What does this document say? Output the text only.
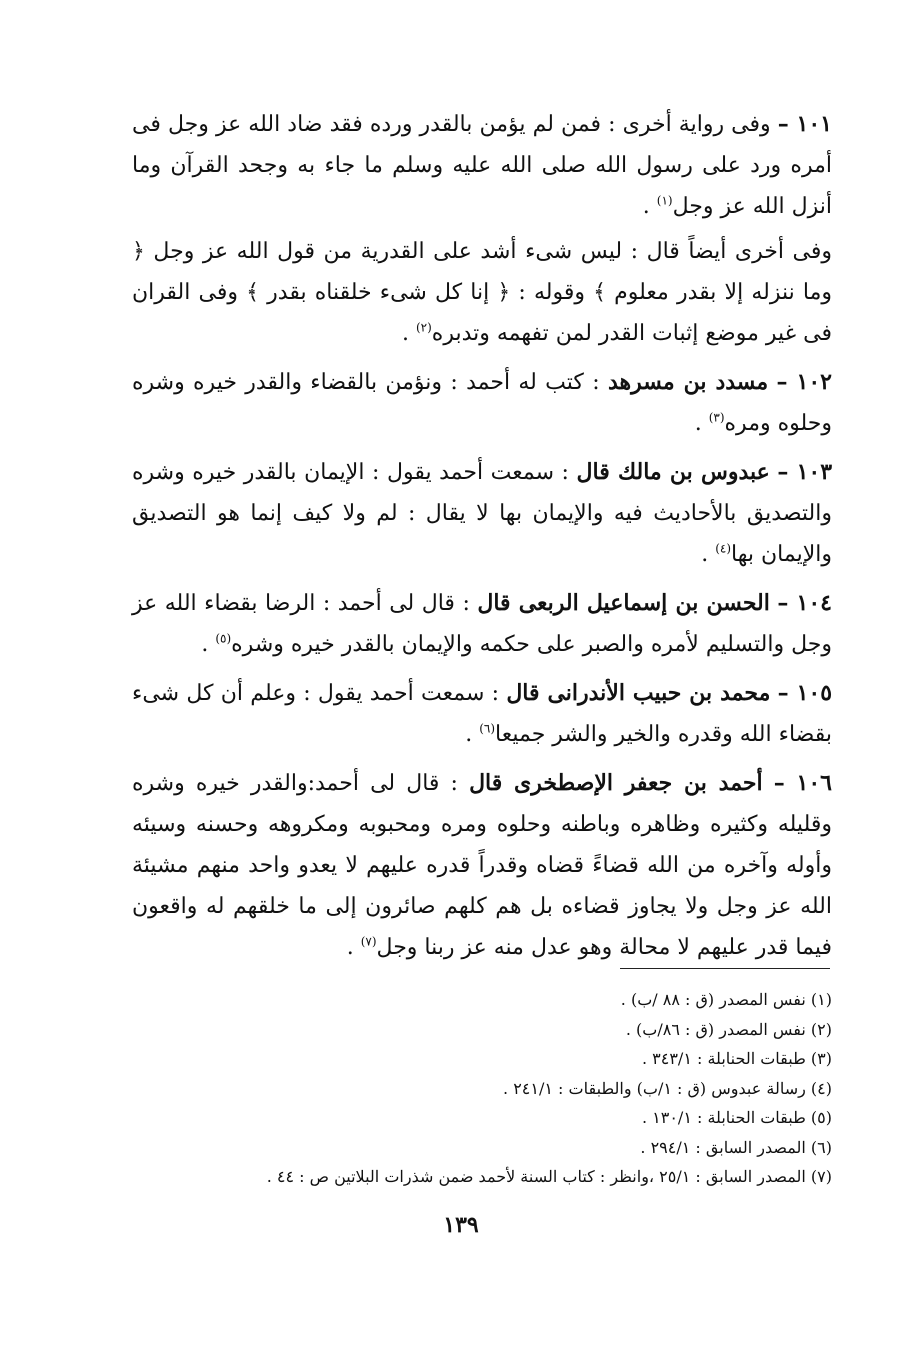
١٠١ – وفى رواية أخرى : فمن لم يؤمن بالقدر ورده فقد ضاد الله عز وجل فى أمره ورد على رسول الله صلى الله عليه وسلم ما جاء به وجحد القرآن وما أنزل الله عز وجل$^{(١)}$ .

وفى أخرى أيضاً قال : ليس شىء أشد على القدرية من قول الله عز وجل ﴿ وما ننزله إلا بقدر معلوم ﴾ وقوله : ﴿ إنا كل شىء خلقناه بقدر ﴾ وفى القران فى غير موضع إثبات القدر لمن تفهمه وتدبره$^{(٢)}$ .

١٠٢ – مسدد بن مسرهد : كتب له أحمد : ونؤمن بالقضاء والقدر خيره وشره وحلوه ومره$^{(٣)}$ .

١٠٣ – عبدوس بن مالك قال : سمعت أحمد يقول : الإيمان بالقدر خيره وشره والتصديق بالأحاديث فيه والإيمان بها لا يقال : لم ولا كيف إنما هو التصديق والإيمان بها$^{(٤)}$ .

١٠٤ – الحسن بن إسماعيل الربعى قال : قال لى أحمد : الرضا بقضاء الله عز وجل والتسليم لأمره والصبر على حكمه والإيمان بالقدر خيره وشره$^{(٥)}$ .

١٠٥ – محمد بن حبيب الأندرانى قال : سمعت أحمد يقول : وعلم أن كل شىء بقضاء الله وقدره والخير والشر جميعا$^{(٦)}$ .

١٠٦ – أحمد بن جعفر الإصطخرى قال : قال لى أحمد:والقدر خيره وشره وقليله وكثيره وظاهره وباطنه وحلوه ومره ومحبوبه ومكروهه وحسنه وسيئه وأوله وآخره من الله قضاءً قضاه وقدراً قدره عليهم لا يعدو واحد منهم مشيئة الله عز وجل ولا يجاوز قضاءه بل هم كلهم صائرون إلى ما خلقهم له واقعون فيما قدر عليهم لا محالة وهو عدل منه عز ربنا وجل$^{(٧)}$ .

(١) نفس المصدر (ق : ٨٨ /ب) .
(٢) نفس المصدر (ق : ٨٦/ب) .
(٣) طبقات الحنابلة : ٣٤٣/١ .
(٤) رسالة عبدوس (ق : ١/ب) والطبقات : ٢٤١/١ .
(٥) طبقات الحنابلة : ١٣٠/١ .
(٦) المصدر السابق : ٢٩٤/١ .
(٧) المصدر السابق : ٢٥/١ ،وانظر : كتاب السنة لأحمد ضمن شذرات البلاتين ص : ٤٤ .
١٣٩
